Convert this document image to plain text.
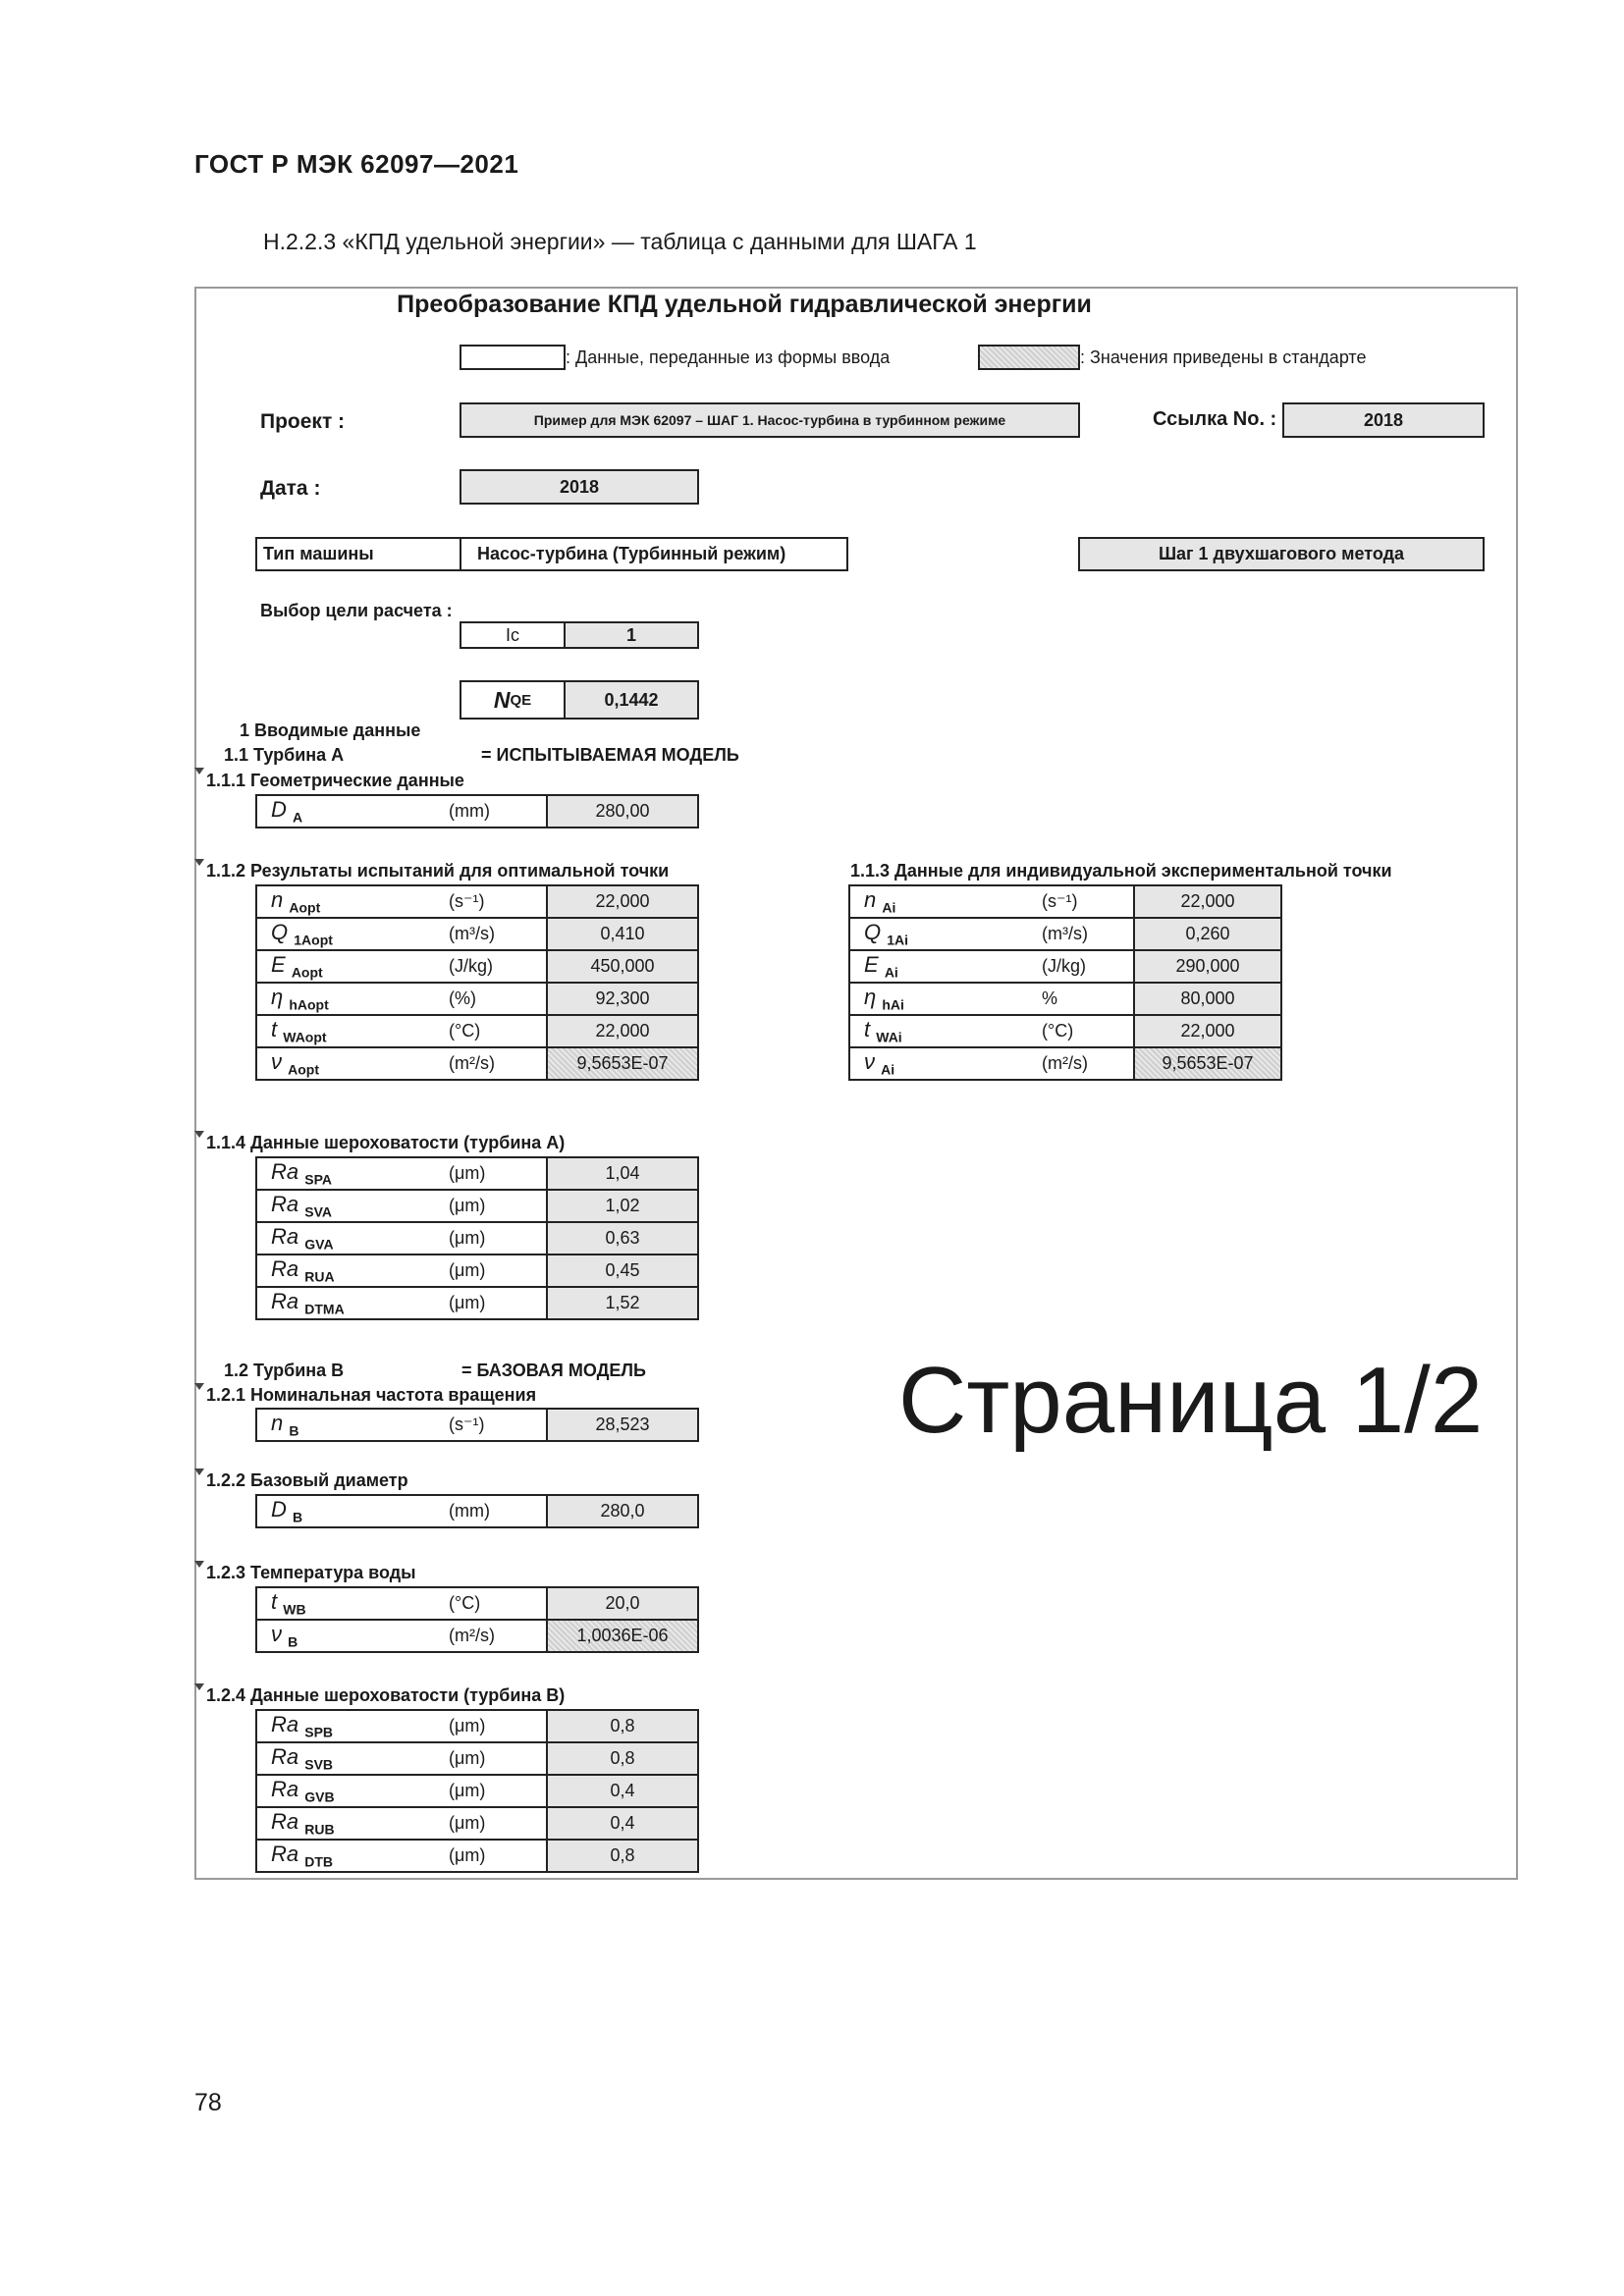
ГОСТ Р МЭК 62097—2021
Н.2.2.3 «КПД удельной энергии» — таблица с данными для ШАГА 1
Преобразование КПД удельной гидравлической энергии
: Данные, переданные из формы ввода	: Значения приведены в стандарте
Проект :	Пример для МЭК 62097 – ШАГ 1. Насос-турбина в турбинном режиме	Ссылка No. :	2018
Дата :	2018
Тип машины	Насос-турбина (Турбинный режим)	Шаг 1 двухшагового метода
Выбор цели расчета :
Ic	1
N QE	0,1442
1 Вводимые данные
1.1 Турбина A	= ИСПЫТЫВАЕМАЯ МОДЕЛЬ
1.1.1 Геометрические данные
D $_A$	(mm)	280,00
1.1.2 Результаты испытаний для оптимальной точки	1.1.3 Данные для индивидуальной экспериментальной точки
n $_{Aopt}$	(s⁻¹)	22,000
Q $_{1Aopt}$	(m³/s)	0,410
E $_{Aopt}$	(J/kg)	450,000
η $_{hAopt}$	(%)	92,300
t $_{WAopt}$	(°C)	22,000
ν $_{Aopt}$	(m²/s)	9,5653E-07
n $_{Ai}$	(s⁻¹)	22,000
Q $_{1Ai}$	(m³/s)	0,260
E $_{Ai}$	(J/kg)	290,000
η $_{hAi}$	%	80,000
t $_{WAi}$	(°C)	22,000
ν $_{Ai}$	(m²/s)	9,5653E-07
1.1.4 Данные шероховатости (турбина A)
Ra $_{SPA}$	(μm)	1,04
Ra $_{SVA}$	(μm)	1,02
Ra $_{GVA}$	(μm)	0,63
Ra $_{RUA}$	(μm)	0,45
Ra $_{DTMA}$	(μm)	1,52
1.2 Турбина B	= БАЗОВАЯ МОДЕЛЬ
1.2.1 Номинальная частота вращения
n $_B$	(s⁻¹)	28,523
1.2.2 Базовый диаметр
D $_B$	(mm)	280,0
1.2.3 Температура воды
t $_{WB}$	(°C)	20,0
ν $_B$	(m²/s)	1,0036E-06
1.2.4 Данные шероховатости (турбина B)
Ra $_{SPB}$	(μm)	0,8
Ra $_{SVB}$	(μm)	0,8
Ra $_{GVB}$	(μm)	0,4
Ra $_{RUB}$	(μm)	0,4
Ra $_{DTB}$	(μm)	0,8
Страница 1/2
78
